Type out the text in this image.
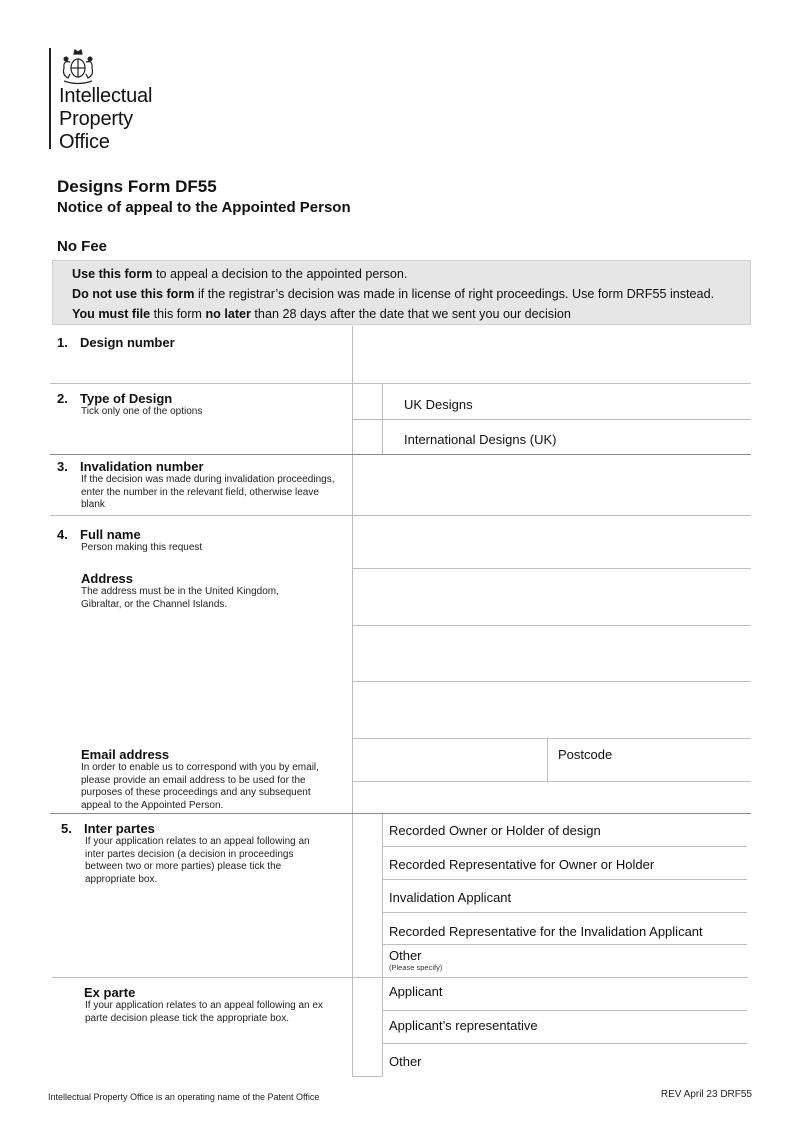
Intellectual
Property
Office
Designs Form DF55
Notice of appeal to the Appointed Person
No Fee
Use this form to appeal a decision to the appointed person.
Do not use this form if the registrar’s decision was made in license of right proceedings. Use form DRF55 instead.
You must file this form no later than 28 days after the date that we sent you our decision
1. Design number
2. Type of Design
Tick only one of the options	UK Designs
International Designs (UK)
3. Invalidation number
If the decision was made during invalidation proceedings, enter the number in the relevant field, otherwise leave blank
4. Full name
Person making this request
Address
The address must be in the United Kingdom, Gibraltar, or the Channel Islands.
Postcode
Email address
In order to enable us to correspond with you by email, please provide an email address to be used for the purposes of these proceedings and any subsequent appeal to the Appointed Person.
5. Inter partes
If your application relates to an appeal following an inter partes decision (a decision in proceedings between two or more parties) please tick the appropriate box.
Recorded Owner or Holder of design
Recorded Representative for Owner or Holder
Invalidation Applicant
Recorded Representative for the Invalidation Applicant
Other
(Please specify)
Ex parte
If your application relates to an appeal following an ex parte decision please tick the appropriate box.
Applicant
Applicant’s representative
Other
Intellectual Property Office is an operating name of the Patent Office	REV April 23 DRF55
